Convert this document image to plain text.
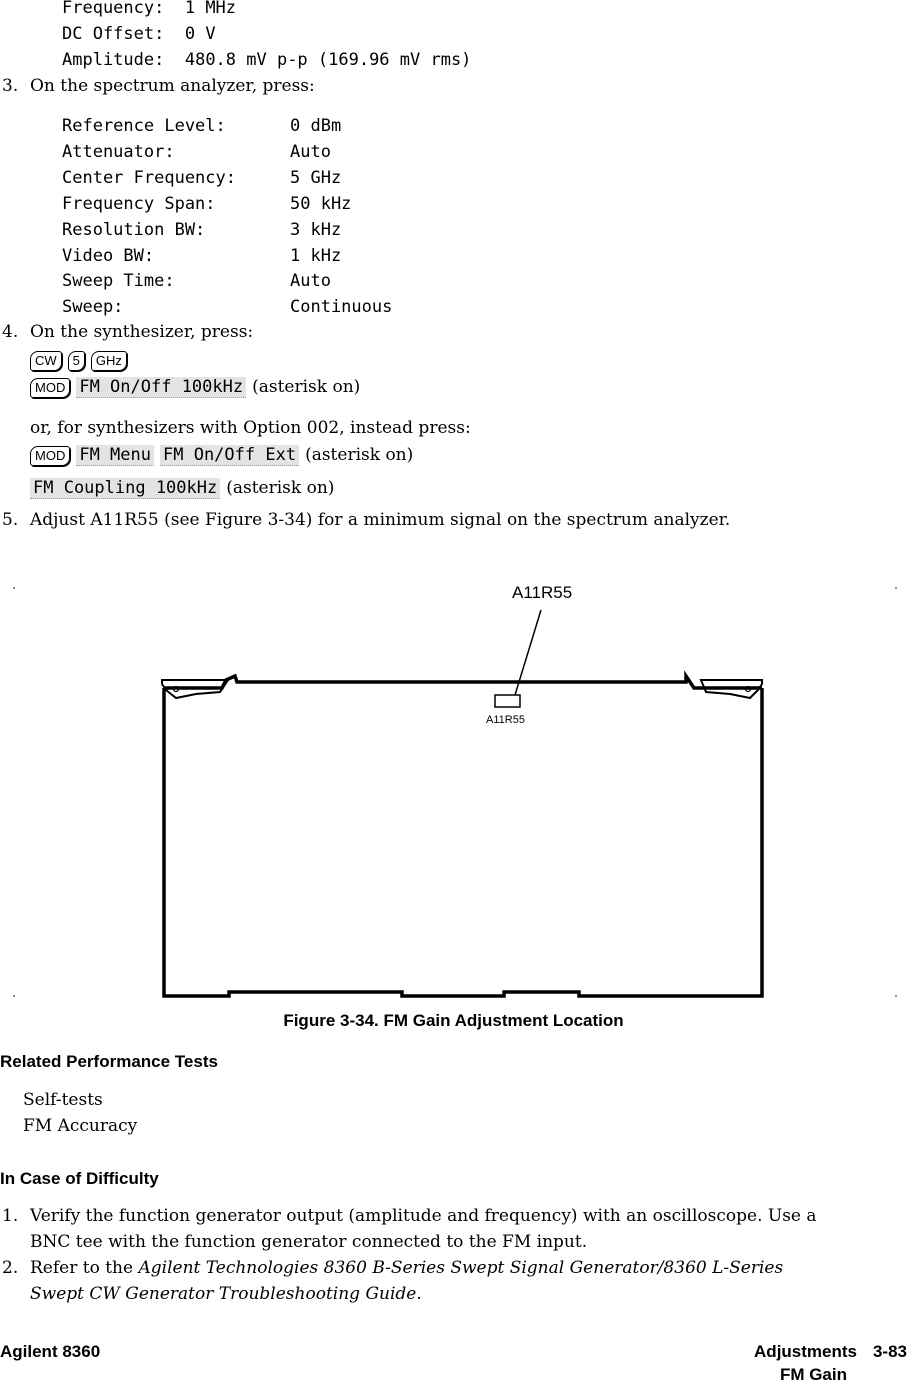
Frequency: 1 MHz
DC Offset: 0 V
Amplitude: 480.8 mV p-p (169.96 mV rms)
3. On the spectrum analyzer, press:
Reference Level:	0 dBm
Attenuator:	Auto
Center Frequency:	5 GHz
Frequency Span:	50 kHz
Resolution BW:	3 kHz
Video BW:	1 kHz
Sweep Time:	Auto
Sweep:	Continuous
4. On the synthesizer, press:
CW 5 GHz
MOD FM On/Off 100kHz (asterisk on)
or, for synthesizers with Option 002, instead press:
MOD FM Menu FM On/Off Ext (asterisk on)
FM Coupling 100kHz (asterisk on)
5. Adjust A11R55 (see Figure 3-34) for a minimum signal on the spectrum analyzer.
A11R55
A11R55
Figure 3-34. FM Gain Adjustment Location
Related Performance Tests
Self-tests
FM Accuracy
In Case of Difficulty
1. Verify the function generator output (amplitude and frequency) with an oscilloscope. Use a
BNC tee with the function generator connected to the FM input.
2. Refer to the Agilent Technologies 8360 B-Series Swept Signal Generator/8360 L-Series
Swept CW Generator Troubleshooting Guide.
Agilent 8360	Adjustments 3-83
FM Gain
